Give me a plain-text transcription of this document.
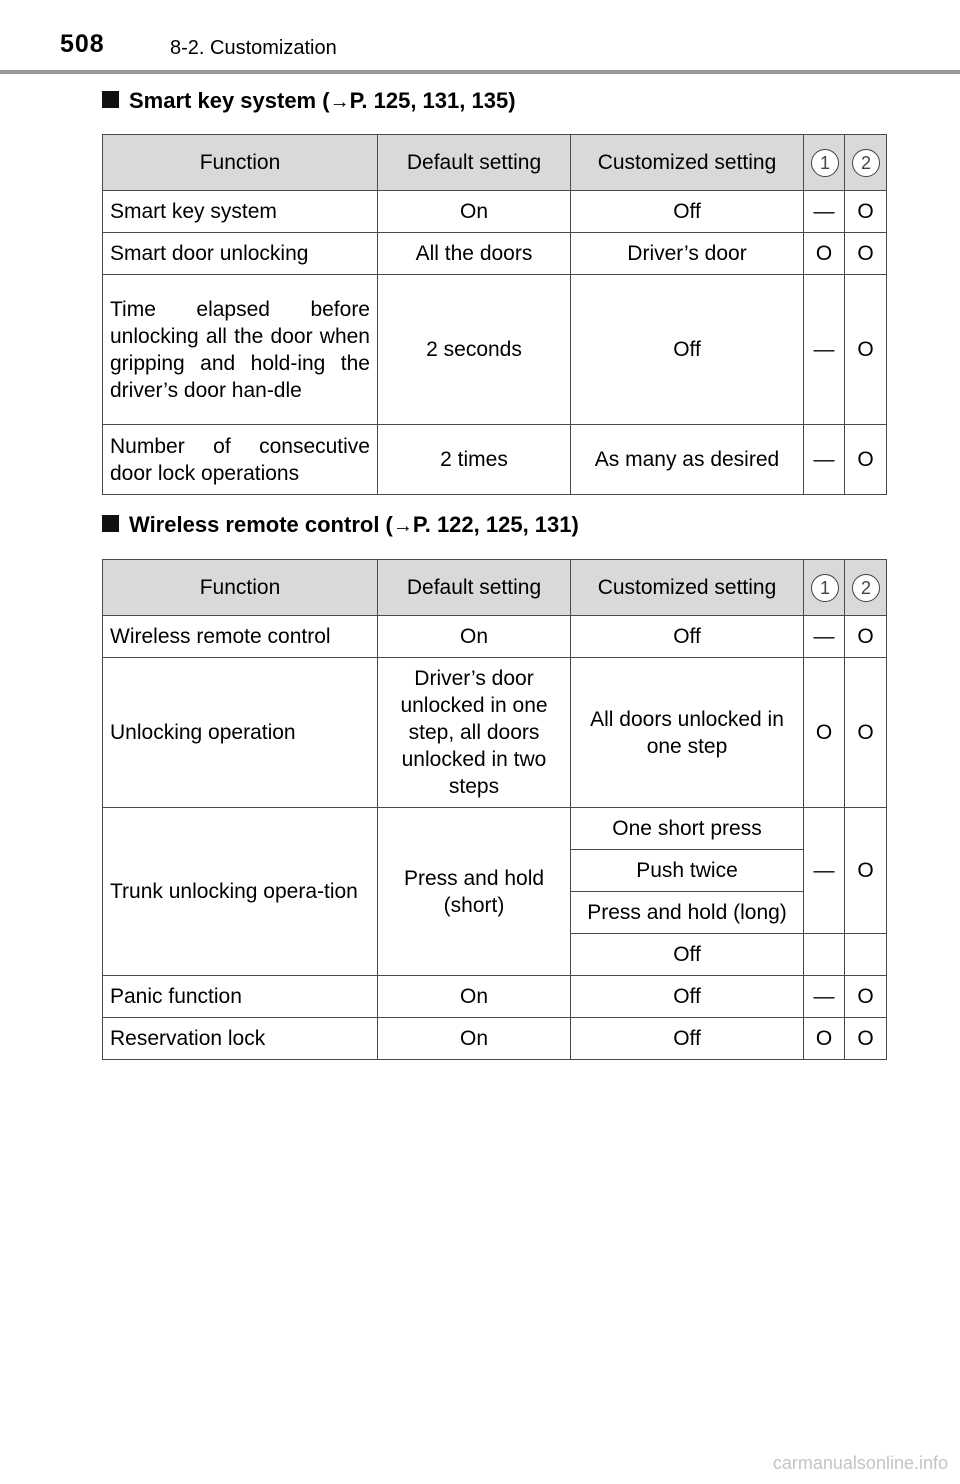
508	8-2. Customization
Smart key system (→P. 125, 131, 135)
Function	Default setting	Customized setting	1	2
Smart key system	On	Off	—	O
Smart door unlocking	All the doors	Driver’s door	O	O
Time elapsed before unlocking all the door when gripping and hold-ing the driver’s door han-dle	2 seconds	Off	—	O
Number of consecutive door lock operations	2 times	As many as desired	—	O
Wireless remote control (→P. 122, 125, 131)
Function	Default setting	Customized setting	1	2
Wireless remote control	On	Off	—	O
Unlocking operation	Driver’s door unlocked in one step, all doors unlocked in two steps	All doors unlocked in one step	O	O
Trunk unlocking opera-tion	Press and hold (short)	One short press	—	O
		Push twice		
		Press and hold (long)		
		Off		
Panic function	On	Off	—	O
Reservation lock	On	Off	O	O
carmanualsonline.info
